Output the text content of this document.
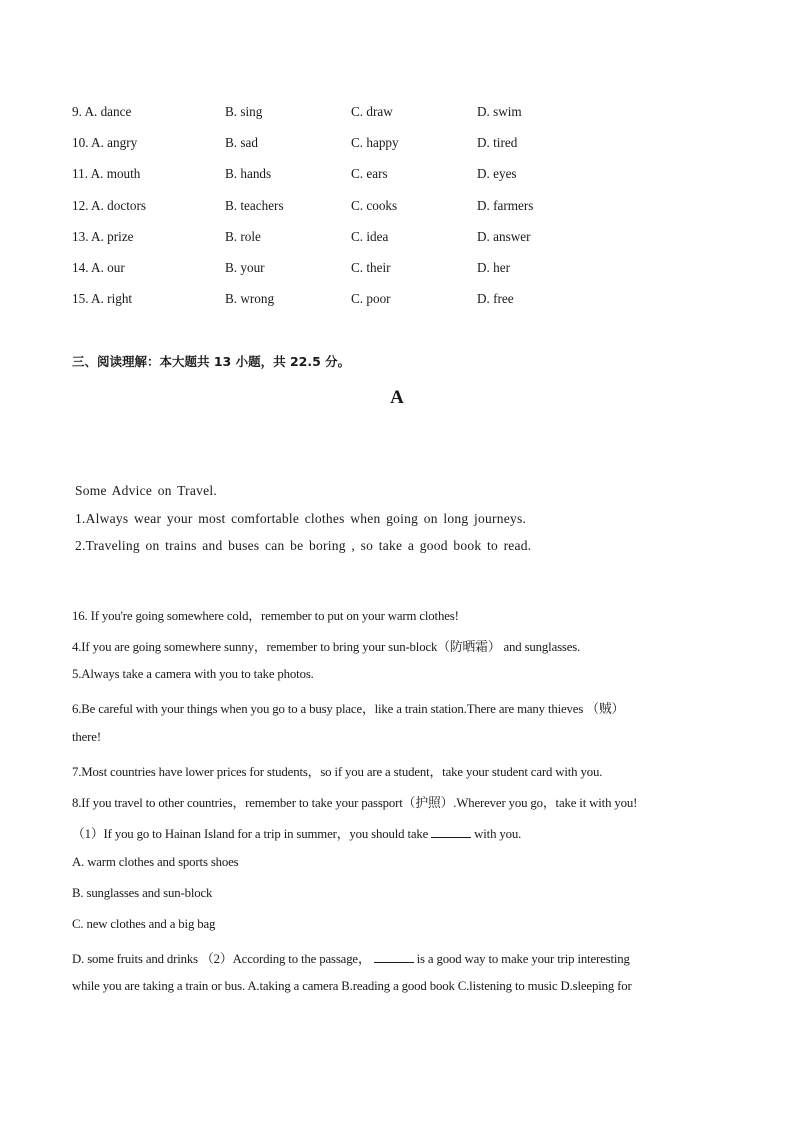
9. A. dance	B. sing	C. draw	D. swim
10. A. angry	B. sad	C. happy	D. tired
11. A. mouth	B. hands	C. ears	D. eyes
12. A. doctors	B. teachers	C. cooks	D. farmers
13. A. prize	B. role	C. idea	D. answer
14. A. our	B. your	C. their	D. her
15. A. right	B. wrong	C. poor	D. free
三、阅读理解：本大题共 13 小题，共 22.5 分。
A
Some Advice on Travel.
1.Always wear your most comfortable clothes when going on long journeys.
2.Traveling on trains and buses can be boring , so take a good book to read.
16. If you're going somewhere cold，remember to put on your warm clothes!
4.If you are going somewhere sunny，remember to bring your sun-block（防晒霜） and sunglasses.
5.Always take a camera with you to take photos.
6.Be careful with your things when you go to a busy place，like a train station.There are many thieves （贼）
there!
7.Most countries have lower prices for students，so if you are a student，take your student card with you.
8.If you travel to other countries，remember to take your passport（护照）.Wherever you go，take it with you!
（1）If you go to Hainan Island for a trip in summer，you should take	with you.
A. warm clothes and sports shoes
B. sunglasses and sun-block
C. new clothes and a big bag
D. some fruits and drinks （2）According to the passage，	is a good way to make your trip interesting
while you are taking a train or bus. A.taking a camera B.reading a good book C.listening to music D.sleeping for
